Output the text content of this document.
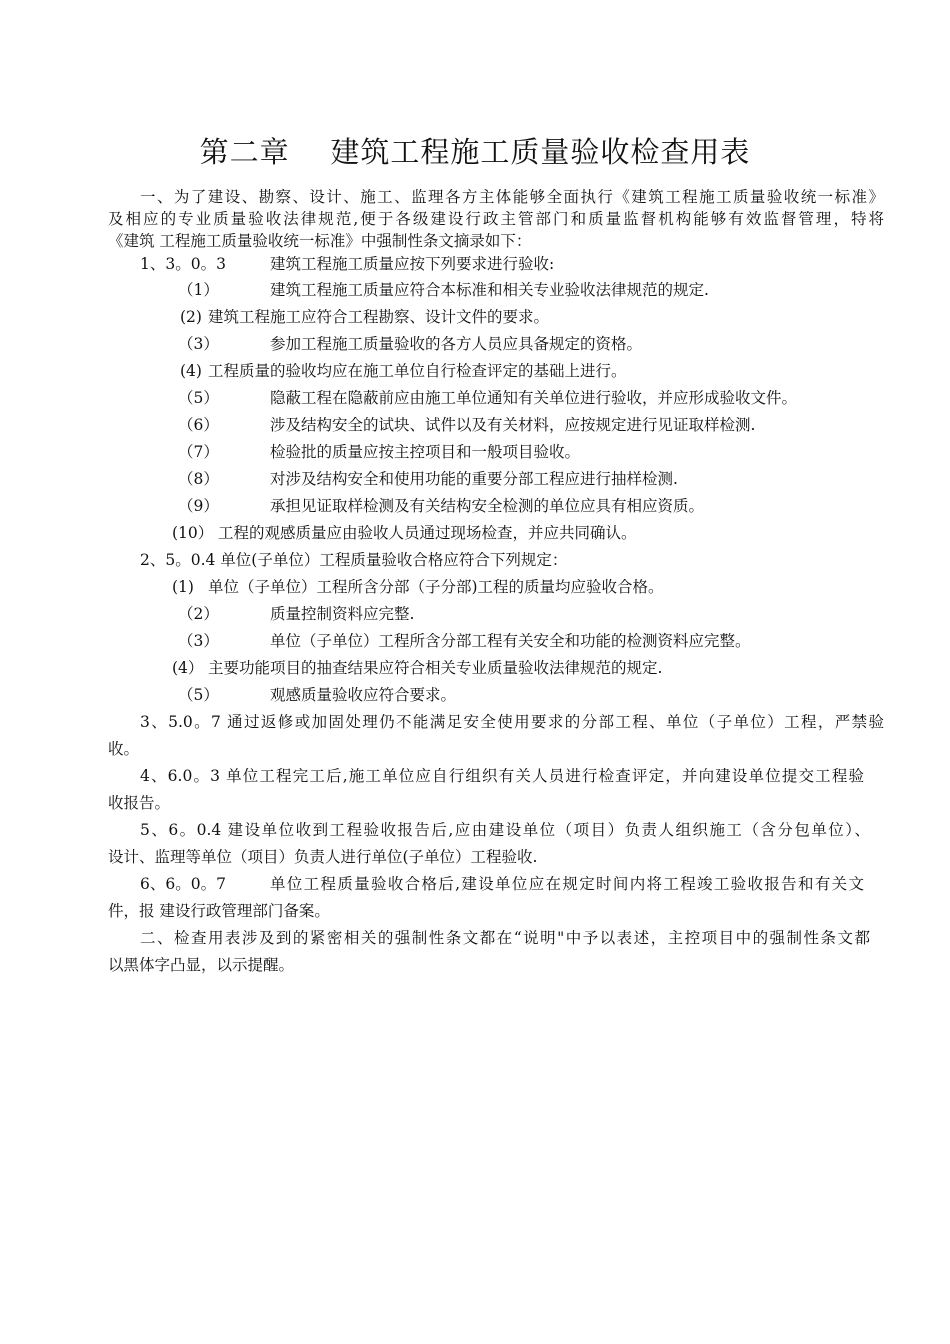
第二章    建筑工程施工质量验收检查用表
一、为了建设、勘察、设计、施工、监理各方主体能够全面执行《建筑工程施工质量验收统一标准》
及相应的专业质量验收法律规范,便于各级建设行政主管部门和质量监督机构能够有效监督管理，特将
《建筑 工程施工质量验收统一标准》中强制性条文摘录如下：
1、3。0。3	建筑工程施工质量应按下列要求进行验收:
（1）	建筑工程施工质量应符合本标准和相关专业验收法律规范的规定.
(2) 建筑工程施工应符合工程勘察、设计文件的要求。
（3）	参加工程施工质量验收的各方人员应具备规定的资格。
(4) 工程质量的验收均应在施工单位自行检查评定的基础上进行。
（5）	隐蔽工程在隐蔽前应由施工单位通知有关单位进行验收，并应形成验收文件。
（6）	涉及结构安全的试块、试件以及有关材料，应按规定进行见证取样检测.
（7）	检验批的质量应按主控项目和一般项目验收。
（8）	对涉及结构安全和使用功能的重要分部工程应进行抽样检测.
（9）	承担见证取样检测及有关结构安全检测的单位应具有相应资质。
(10） 工程的观感质量应由验收人员通过现场检查，并应共同确认。
2、5。0.4 单位(子单位）工程质量验收合格应符合下列规定：
(1) 单位（子单位）工程所含分部（子分部)工程的质量均应验收合格。
（2）	质量控制资料应完整.
（3）	单位（子单位）工程所含分部工程有关安全和功能的检测资料应完整。
(4） 主要功能项目的抽查结果应符合相关专业质量验收法律规范的规定.
（5）	观感质量验收应符合要求。
3、5.0。7 通过返修或加固处理仍不能满足安全使用要求的分部工程、单位（子单位）工程，严禁验
收。
4、6.0。3 单位工程完工后,施工单位应自行组织有关人员进行检查评定，并向建设单位提交工程验
收报告。
5、6。0.4 建设单位收到工程验收报告后,应由建设单位（项目）负责人组织施工（含分包单位）、
设计、监理等单位（项目）负责人进行单位(子单位）工程验收.
6、6。0。7	单位工程质量验收合格后,建设单位应在规定时间内将工程竣工验收报告和有关文
件，报 建设行政管理部门备案。
二、检查用表涉及到的紧密相关的强制性条文都在“说明"中予以表述，主控项目中的强制性条文都
以黑体字凸显，以示提醒。
